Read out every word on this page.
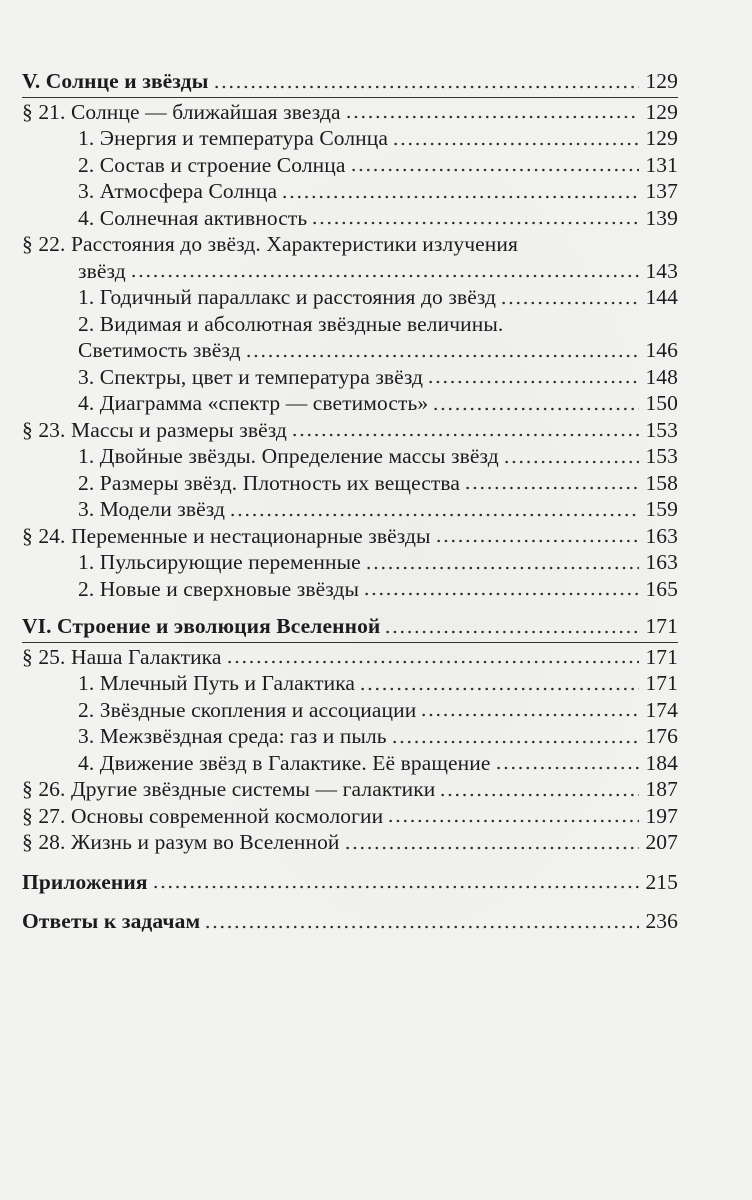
V. Солнце и звёзды	129
§ 21. Солнце — ближайшая звезда	129
1. Энергия и температура Солнца	129
2. Состав и строение Солнца	131
3. Атмосфера Солнца	137
4. Солнечная активность	139
§ 22. Расстояния до звёзд. Характеристики излучения
звёзд	143
1. Годичный параллакс и расстояния до звёзд	144
2. Видимая и абсолютная звёздные величины.
Светимость звёзд	146
3. Спектры, цвет и температура звёзд	148
4. Диаграмма «спектр — светимость»	150
§ 23. Массы и размеры звёзд	153
1. Двойные звёзды. Определение массы звёзд	153
2. Размеры звёзд. Плотность их вещества	158
3. Модели звёзд	159
§ 24. Переменные и нестационарные звёзды	163
1. Пульсирующие переменные	163
2. Новые и сверхновые звёзды	165
VI. Строение и эволюция Вселенной	171
§ 25. Наша Галактика	171
1. Млечный Путь и Галактика	171
2. Звёздные скопления и ассоциации	174
3. Межзвёздная среда: газ и пыль	176
4. Движение звёзд в Галактике. Её вращение	184
§ 26. Другие звёздные системы — галактики	187
§ 27. Основы современной космологии	197
§ 28. Жизнь и разум во Вселенной	207
Приложения	215
Ответы к задачам	236
